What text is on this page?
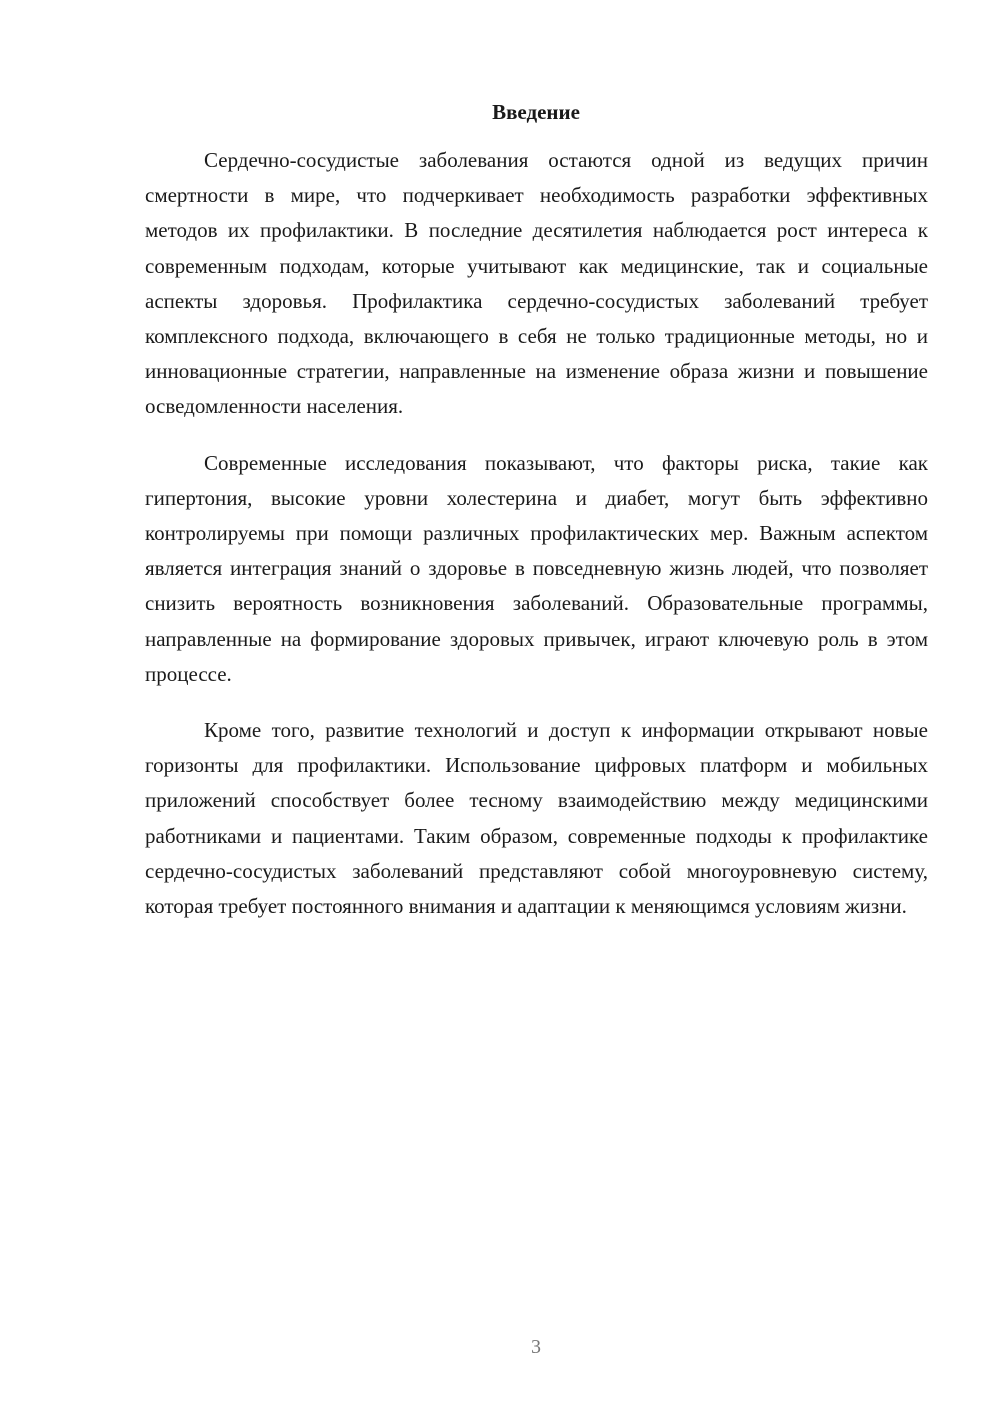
Введение

Сердечно-сосудистые заболевания остаются одной из ведущих причин смертности в мире, что подчеркивает необходимость разработки эффективных методов их профилактики. В последние десятилетия наблюдается рост интереса к современным подходам, которые учитывают как медицинские, так и социальные аспекты здоровья. Профилактика сердечно-сосудистых заболеваний требует комплексного подхода, включающего в себя не только традиционные методы, но и инновационные стратегии, направленные на изменение образа жизни и повышение осведомленности населения.

Современные исследования показывают, что факторы риска, такие как гипертония, высокие уровни холестерина и диабет, могут быть эффективно контролируемы при помощи различных профилактических мер. Важным аспектом является интеграция знаний о здоровье в повседневную жизнь людей, что позволяет снизить вероятность возникновения заболеваний. Образовательные программы, направленные на формирование здоровых привычек, играют ключевую роль в этом процессе.

Кроме того, развитие технологий и доступ к информации открывают новые горизонты для профилактики. Использование цифровых платформ и мобильных приложений способствует более тесному взаимодействию между медицинскими работниками и пациентами. Таким образом, современные подходы к профилактике сердечно-сосудистых заболеваний представляют собой многоуровневую систему, которая требует постоянного внимания и адаптации к меняющимся условиям жизни.

3
